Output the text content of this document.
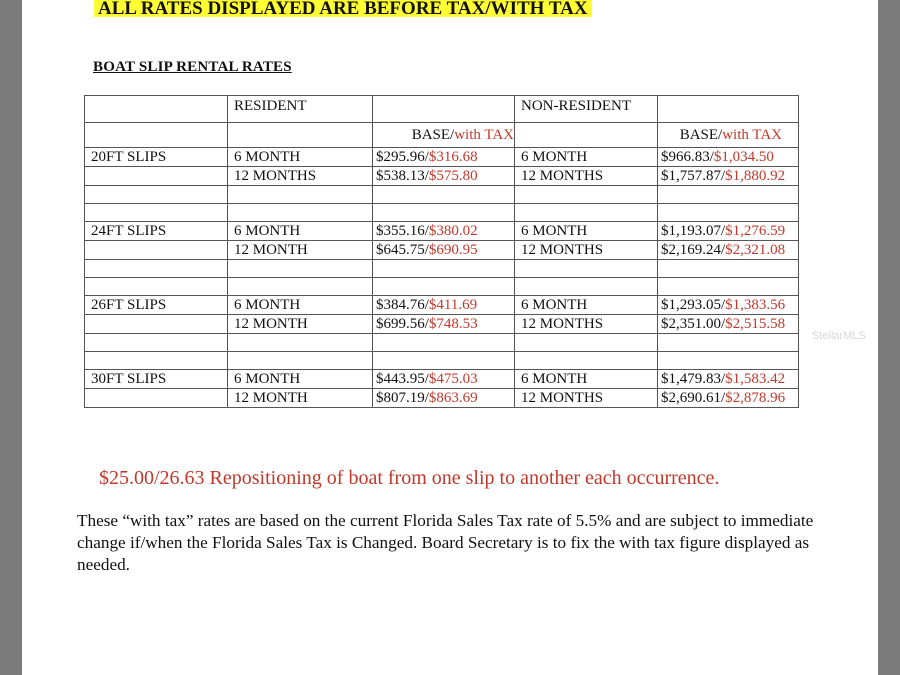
ALL RATES DISPLAYED ARE BEFORE TAX/WITH TAX
BOAT SLIP RENTAL RATES
	RESIDENT		NON-RESIDENT	
		BASE/with TAX		BASE/with TAX
20FT SLIPS	6 MONTH	$295.96/$316.68	6 MONTH	$966.83/$1,034.50
	12 MONTHS	$538.13/$575.80	12 MONTHS	$1,757.87/$1,880.92

24FT SLIPS	6 MONTH	$355.16/$380.02	6 MONTH	$1,193.07/$1,276.59
	12 MONTH	$645.75/$690.95	12 MONTHS	$2,169.24/$2,321.08

26FT SLIPS	6 MONTH	$384.76/$411.69	6 MONTH	$1,293.05/$1,383.56
	12 MONTH	$699.56/$748.53	12 MONTHS	$2,351.00/$2,515.58

30FT SLIPS	6 MONTH	$443.95/$475.03	6 MONTH	$1,479.83/$1,583.42
	12 MONTH	$807.19/$863.69	12 MONTHS	$2,690.61/$2,878.96
$25.00/26.63 Repositioning of boat from one slip to another each occurrence.
These “with tax” rates are based on the current Florida Sales Tax rate of 5.5% and are subject to immediate change if/when the Florida Sales Tax is Changed. Board Secretary is to fix the with tax figure displayed as needed.
StellarMLS
